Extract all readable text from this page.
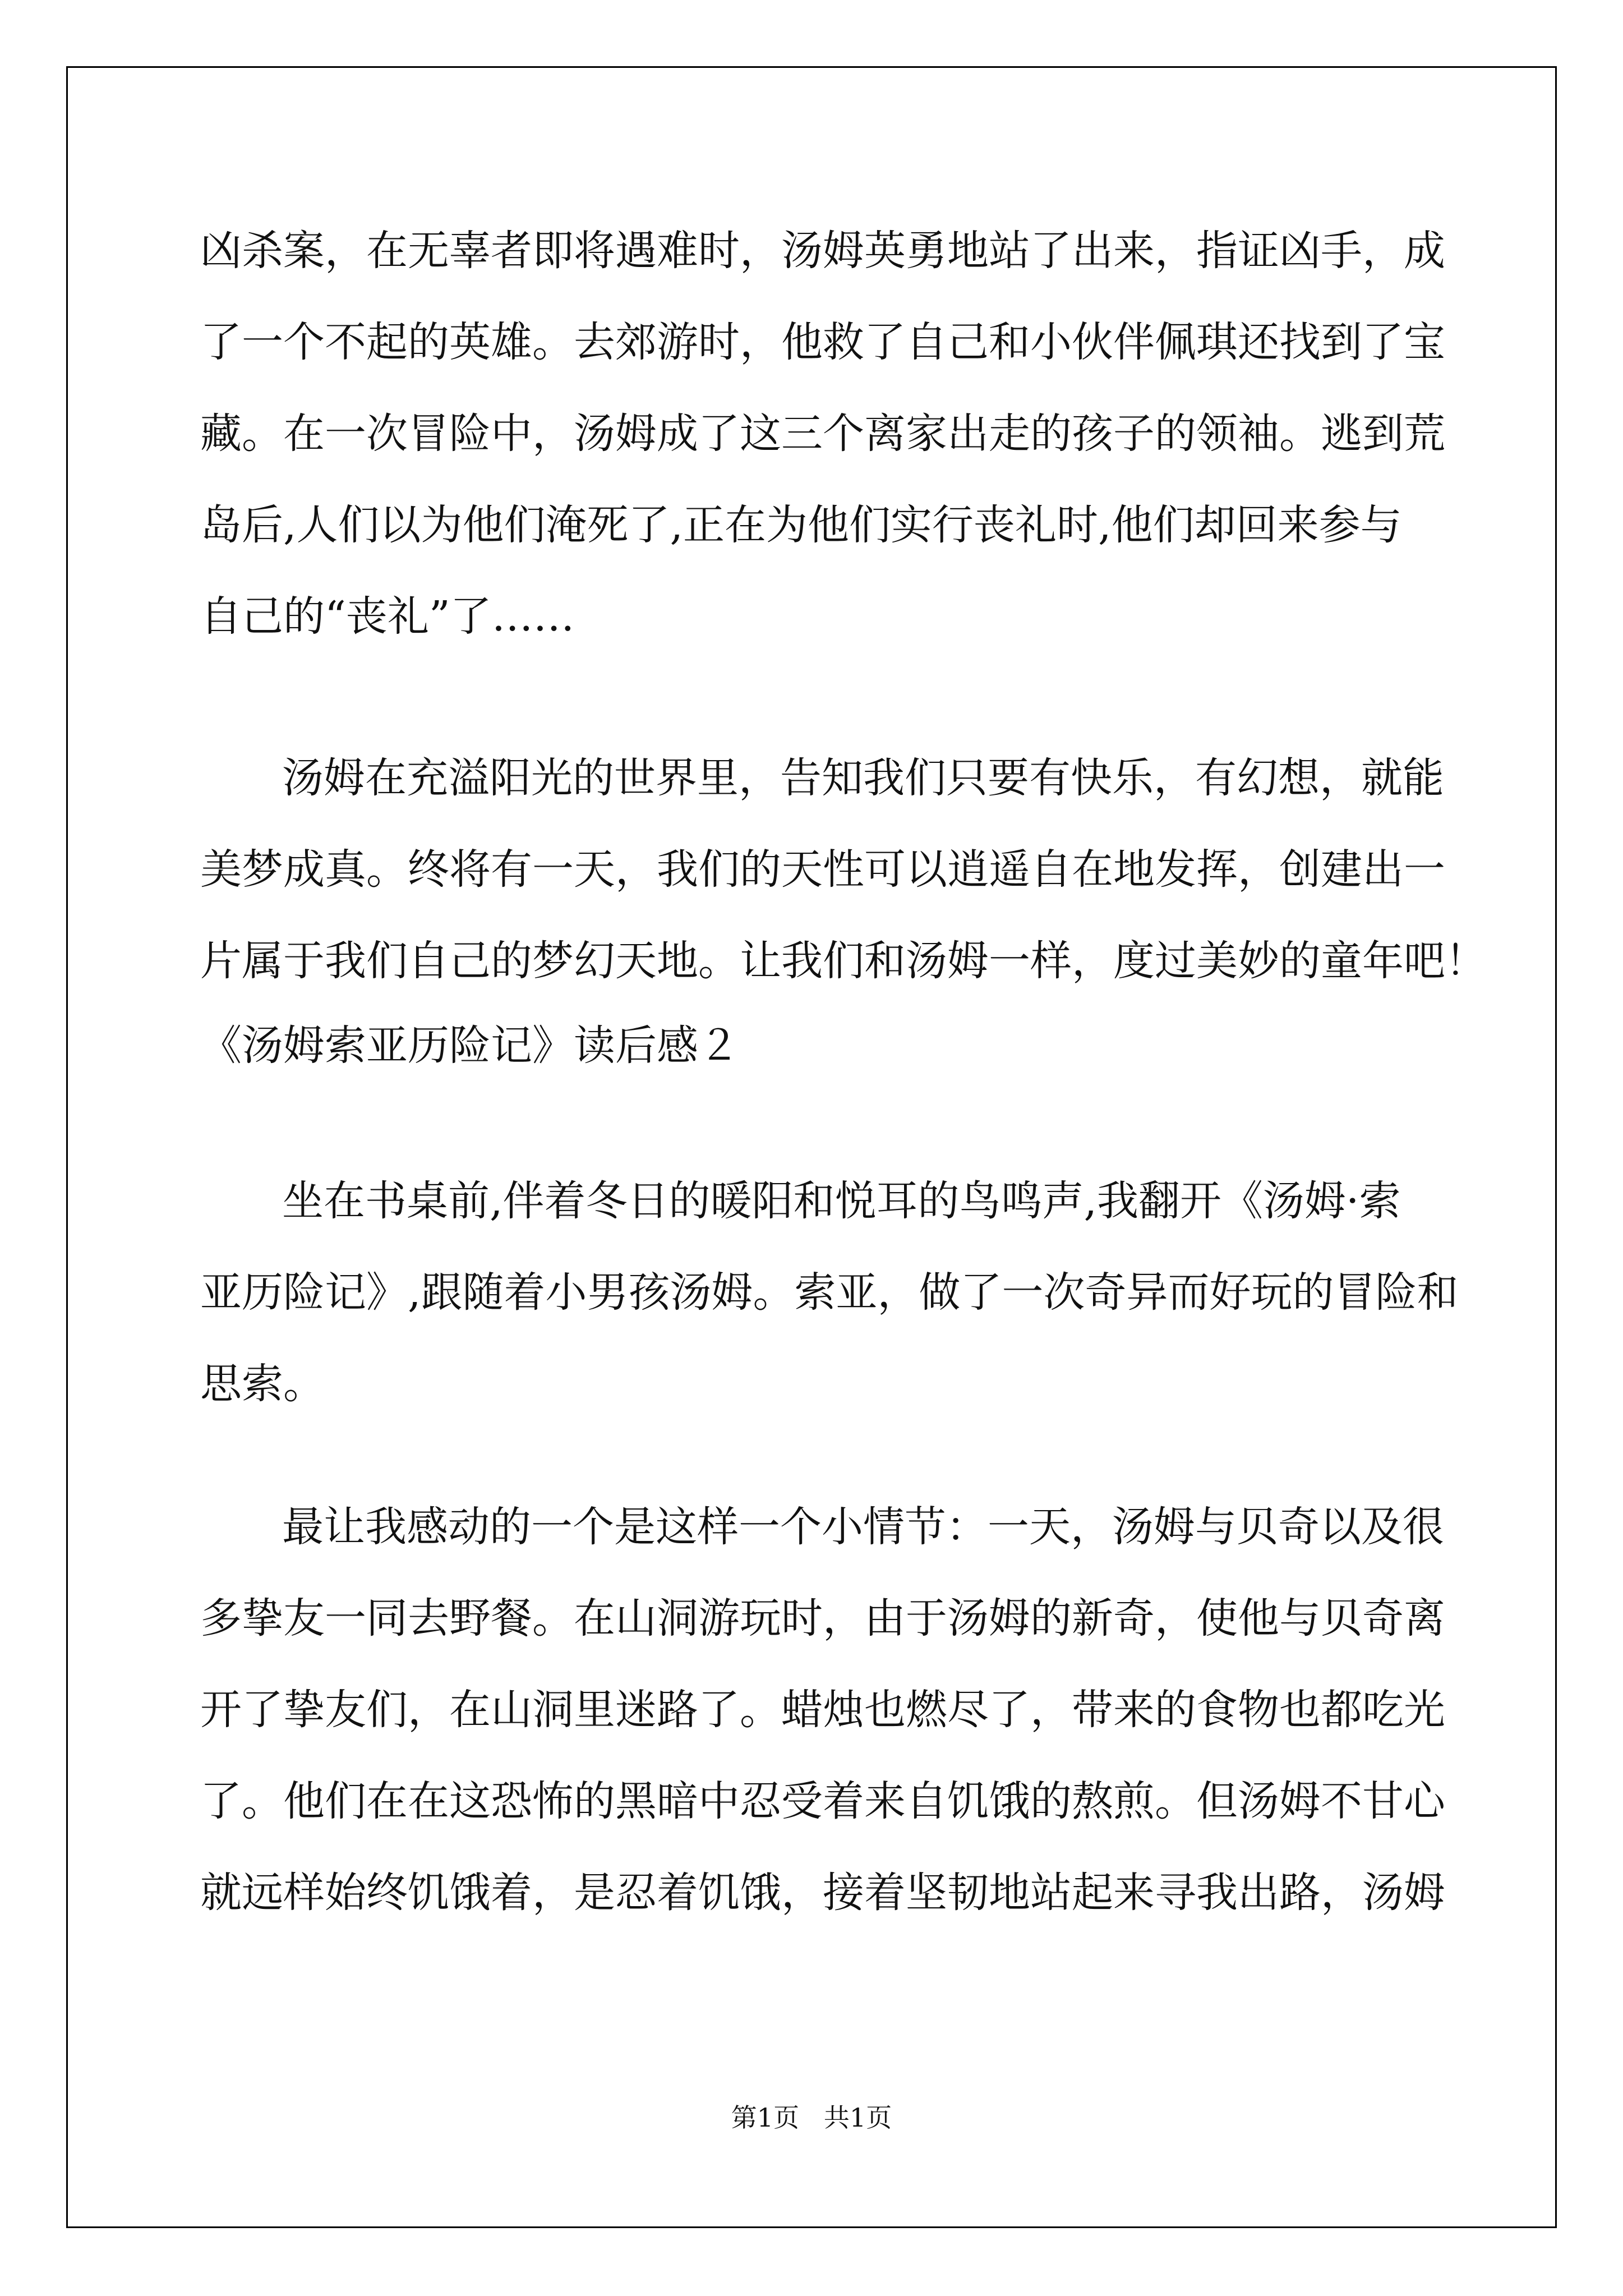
凶杀案，在无辜者即将遇难时，汤姆英勇地站了出来，指证凶手，成
了一个不起的英雄。去郊游时，他救了自己和小伙伴佩琪还找到了宝
藏。在一次冒险中，汤姆成了这三个离家出走的孩子的领袖。逃到荒
岛后,人们以为他们淹死了,正在为他们实行丧礼时,他们却回来参与
自己的“丧礼”了……
汤姆在充溢阳光的世界里，告知我们只要有快乐，有幻想，就能
美梦成真。终将有一天，我们的天性可以逍遥自在地发挥，创建出一
片属于我们自己的梦幻天地。让我们和汤姆一样，度过美妙的童年吧！
《汤姆索亚历险记》读后感２
坐在书桌前,伴着冬日的暖阳和悦耳的鸟鸣声,我翻开《汤姆·索
亚历险记》,跟随着小男孩汤姆。索亚，做了一次奇异而好玩的冒险和
思索。
最让我感动的一个是这样一个小情节：一天，汤姆与贝奇以及很
多挚友一同去野餐。在山洞游玩时，由于汤姆的新奇，使他与贝奇离
开了挚友们，在山洞里迷路了。蜡烛也燃尽了，带来的食物也都吃光
了。他们在在这恐怖的黑暗中忍受着来自饥饿的熬煎。但汤姆不甘心
就远样始终饥饿着，是忍着饥饿，接着坚韧地站起来寻我出路，汤姆
第1页   共1页
